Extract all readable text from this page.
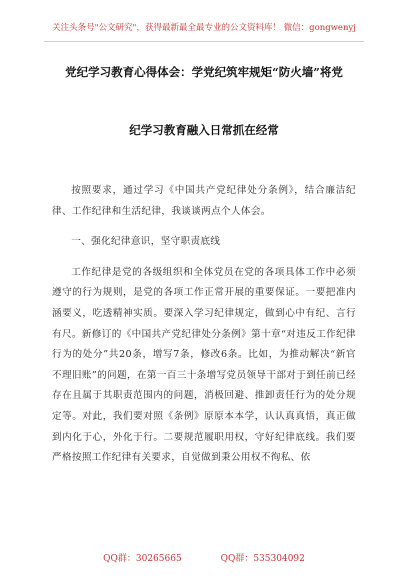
关注头条号"公文研究"，获得最新最全最专业的公文资料库！ 微信：gongwenyj
党纪学习教育心得体会：学党纪筑牢规矩“防火墙”将党
纪学习教育融入日常抓在经常

按照要求，通过学习《中国共产党纪律处分条例》，结合廉洁纪律、工作纪律和生活纪律，我谈谈两点个人体会。

一、强化纪律意识，坚守职责底线

工作纪律是党的各级组织和全体党员在党的各项具体工作中必须遵守的行为规则，是党的各项工作正常开展的重要保证。一要把准内涵要义，吃透精神实质。要深入学习纪律规定，做到心中有纪、言行有尺。新修订的《中国共产党纪律处分条例》第十章“对违反工作纪律行为的处分”共20条，增写7条，修改6条。比如，为推动解决“新官不理旧账”的问题，在第一百三十条增写党员领导干部对于到任前已经存在且属于其职责范围内的问题，消极回避、推卸责任行为的处分规定等。对此，我们要对照《条例》原原本本学，认认真真悟，真正做到内化于心，外化于行。二要规范履职用权，守好纪律底线。我们要严格按照工作纪律有关要求，自觉做到秉公用权不徇私、依

QQ群：30265665	QQ群：535304092
